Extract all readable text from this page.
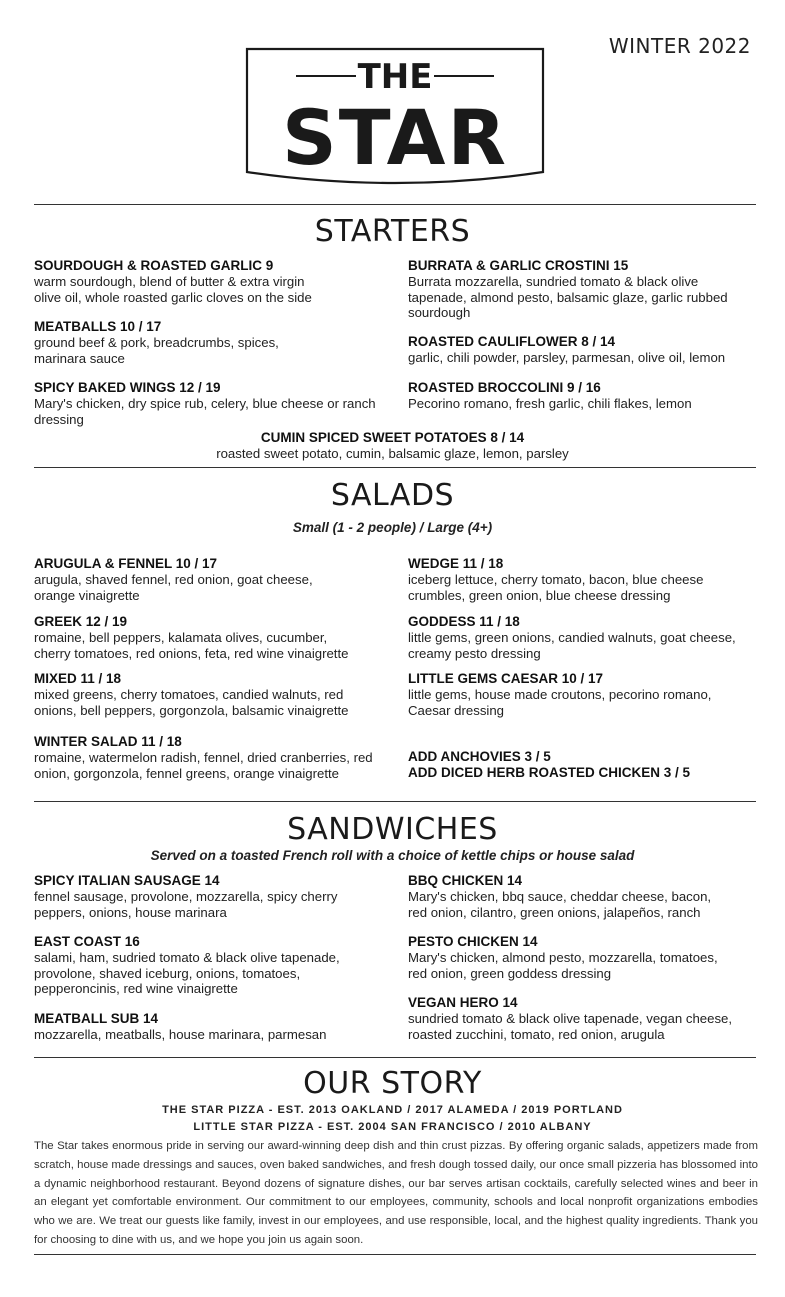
WINTER 2022
THE
STAR
STARTERS
SOURDOUGH & ROASTED GARLIC 9
warm sourdough, blend of butter & extra virgin olive oil, whole roasted garlic cloves on the side
MEATBALLS 10 / 17
ground beef & pork, breadcrumbs, spices, marinara sauce
SPICY BAKED WINGS 12 / 19
Mary's chicken, dry spice rub, celery, blue cheese or ranch dressing
BURRATA & GARLIC CROSTINI 15
Burrata mozzarella, sundried tomato & black olive tapenade, almond pesto, balsamic glaze, garlic rubbed sourdough
ROASTED CAULIFLOWER 8 / 14
garlic, chili powder, parsley, parmesan, olive oil, lemon
ROASTED BROCCOLINI 9 / 16
Pecorino romano, fresh garlic, chili flakes, lemon
CUMIN SPICED SWEET POTATOES 8 / 14
roasted sweet potato, cumin, balsamic glaze, lemon, parsley
SALADS
Small (1 - 2 people) / Large (4+)
ARUGULA & FENNEL 10 / 17
arugula, shaved fennel, red onion, goat cheese, orange vinaigrette
GREEK 12 / 19
romaine, bell peppers, kalamata olives, cucumber, cherry tomatoes, red onions, feta, red wine vinaigrette
MIXED 11 / 18
mixed greens, cherry tomatoes, candied walnuts, red onions, bell peppers, gorgonzola, balsamic vinaigrette
WINTER SALAD 11 / 18
romaine, watermelon radish, fennel, dried cranberries, red onion, gorgonzola, fennel greens, orange vinaigrette
WEDGE 11 / 18
iceberg lettuce, cherry tomato, bacon, blue cheese crumbles, green onion, blue cheese dressing
GODDESS 11 / 18
little gems, green onions, candied walnuts, goat cheese, creamy pesto dressing
LITTLE GEMS CAESAR 10 / 17
little gems, house made croutons, pecorino romano, Caesar dressing
ADD ANCHOVIES 3 / 5
ADD DICED HERB ROASTED CHICKEN 3 / 5
SANDWICHES
Served on a toasted French roll with a choice of kettle chips or house salad
SPICY ITALIAN SAUSAGE 14
fennel sausage, provolone, mozzarella, spicy cherry peppers, onions, house marinara
EAST COAST 16
salami, ham, sudried tomato & black olive tapenade, provolone, shaved iceburg, onions, tomatoes, pepperoncinis, red wine vinaigrette
MEATBALL SUB 14
mozzarella, meatballs, house marinara, parmesan
BBQ CHICKEN 14
Mary's chicken, bbq sauce, cheddar cheese, bacon, red onion, cilantro, green onions, jalapeños, ranch
PESTO CHICKEN 14
Mary's chicken, almond pesto, mozzarella, tomatoes, red onion, green goddess dressing
VEGAN HERO 14
sundried tomato & black olive tapenade, vegan cheese, roasted zucchini, tomato, red onion, arugula
OUR STORY
THE STAR PIZZA - EST. 2013 OAKLAND / 2017 ALAMEDA / 2019 PORTLAND
LITTLE STAR PIZZA - EST. 2004 SAN FRANCISCO / 2010 ALBANY
The Star takes enormous pride in serving our award-winning deep dish and thin crust pizzas. By offering organic salads, appetizers made from scratch, house made dressings and sauces, oven baked sandwiches, and fresh dough tossed daily, our once small pizzeria has blossomed into a dynamic neighborhood restaurant. Beyond dozens of signature dishes, our bar serves artisan cocktails, carefully selected wines and beer in an elegant yet comfortable environment. Our commitment to our employees, community, schools and local nonprofit organizations embodies who we are. We treat our guests like family, invest in our employees, and use responsible, local, and the highest quality ingredients. Thank you for choosing to dine with us, and we hope you join us again soon.
